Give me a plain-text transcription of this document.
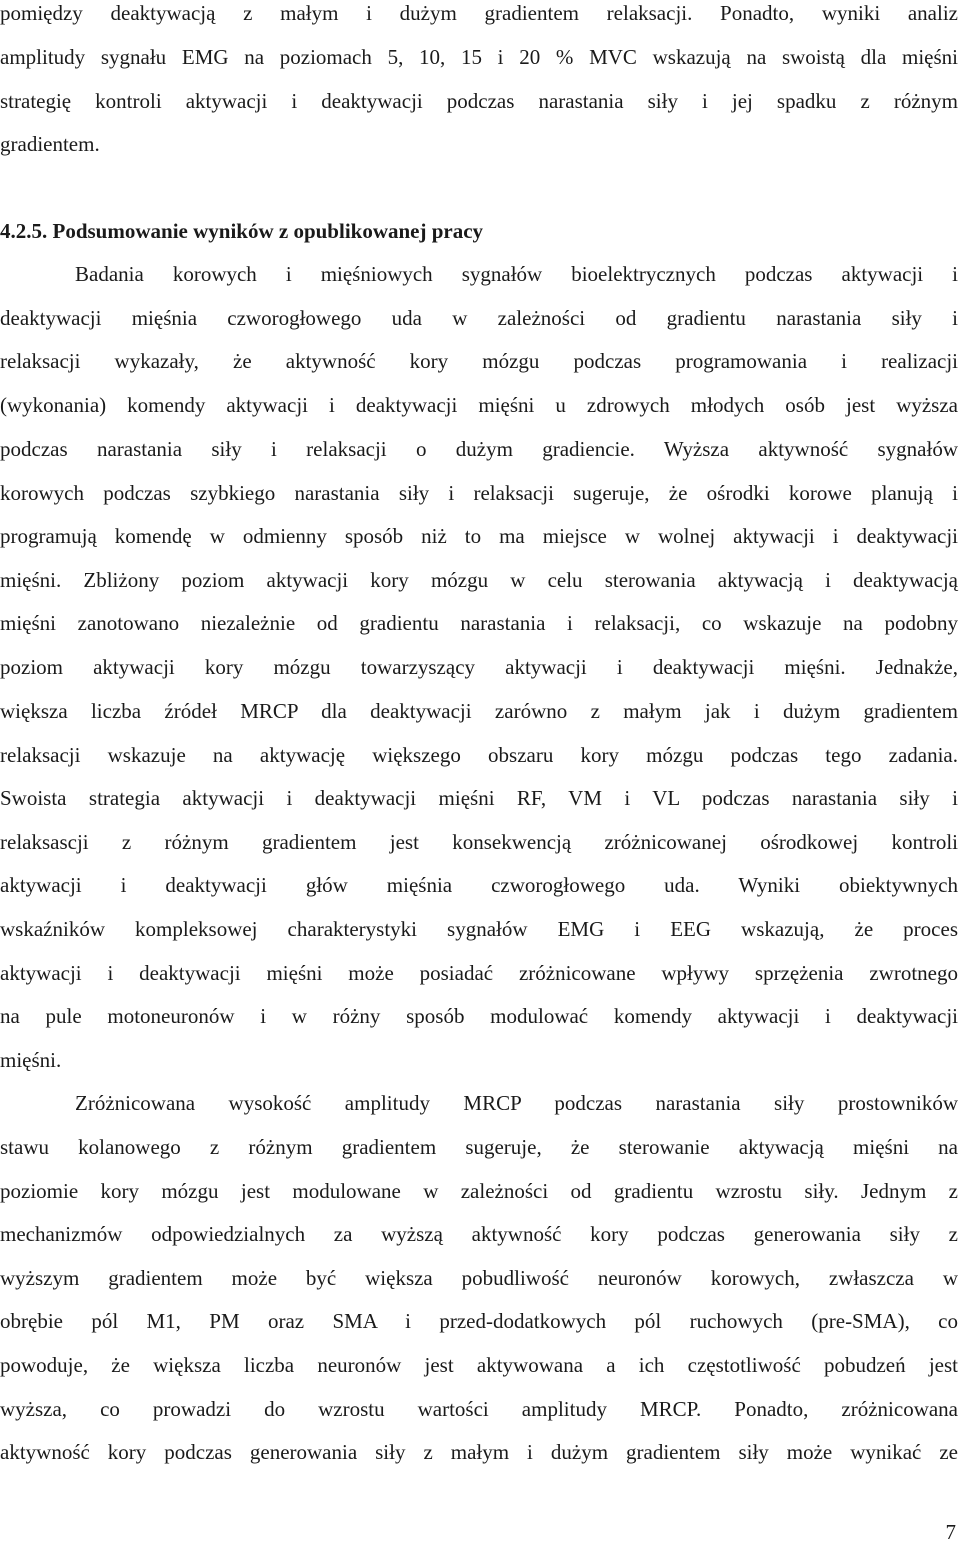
pomiędzy deaktywacją z małym i dużym gradientem relaksacji. Ponadto, wyniki analiz
amplitudy sygnału EMG na poziomach 5, 10, 15 i 20 % MVC wskazują na swoistą dla mięśni
strategię kontroli aktywacji i deaktywacji podczas narastania siły i jej spadku z różnym
gradientem.
4.2.5. Podsumowanie wyników z opublikowanej pracy
Badania korowych i mięśniowych sygnałów bioelektrycznych podczas aktywacji i
deaktywacji mięśnia czworogłowego uda w zależności od gradientu narastania siły i
relaksacji wykazały, że aktywność kory mózgu podczas programowania i realizacji
(wykonania) komendy aktywacji i deaktywacji mięśni u zdrowych młodych osób jest wyższa
podczas narastania siły i relaksacji o dużym gradiencie. Wyższa aktywność sygnałów
korowych podczas szybkiego narastania siły i relaksacji sugeruje, że ośrodki korowe planują i
programują komendę w odmienny sposób niż to ma miejsce w wolnej aktywacji i deaktywacji
mięśni. Zbliżony poziom aktywacji kory mózgu w celu sterowania aktywacją i deaktywacją
mięśni zanotowano niezależnie od gradientu narastania i relaksacji, co wskazuje na podobny
poziom aktywacji kory mózgu towarzyszący aktywacji i deaktywacji mięśni. Jednakże,
większa liczba źródeł MRCP dla deaktywacji zarówno z małym jak i dużym gradientem
relaksacji wskazuje na aktywację większego obszaru kory mózgu podczas tego zadania.
Swoista strategia aktywacji i deaktywacji mięśni RF, VM i VL podczas narastania siły i
relaksascji z różnym gradientem jest konsekwencją zróżnicowanej ośrodkowej kontroli
aktywacji i deaktywacji głów mięśnia czworogłowego uda. Wyniki obiektywnych
wskaźników kompleksowej charakterystyki sygnałów EMG i EEG wskazują, że proces
aktywacji i deaktywacji mięśni może posiadać zróżnicowane wpływy sprzężenia zwrotnego
na pule motoneuronów i w różny sposób modulować komendy aktywacji i deaktywacji
mięśni.
Zróżnicowana wysokość amplitudy MRCP podczas narastania siły prostowników
stawu kolanowego z różnym gradientem sugeruje, że sterowanie aktywacją mięśni na
poziomie kory mózgu jest modulowane w zależności od gradientu wzrostu siły. Jednym z
mechanizmów odpowiedzialnych za wyższą aktywność kory podczas generowania siły z
wyższym gradientem może być większa pobudliwość neuronów korowych, zwłaszcza w
obrębie pól M1, PM oraz SMA i przed-dodatkowych pól ruchowych (pre-SMA), co
powoduje, że większa liczba neuronów jest aktywowana a ich częstotliwość pobudzeń jest
wyższa, co prowadzi do wzrostu wartości amplitudy MRCP. Ponadto, zróżnicowana
aktywność kory podczas generowania siły z małym i dużym gradientem siły może wynikać ze
7
